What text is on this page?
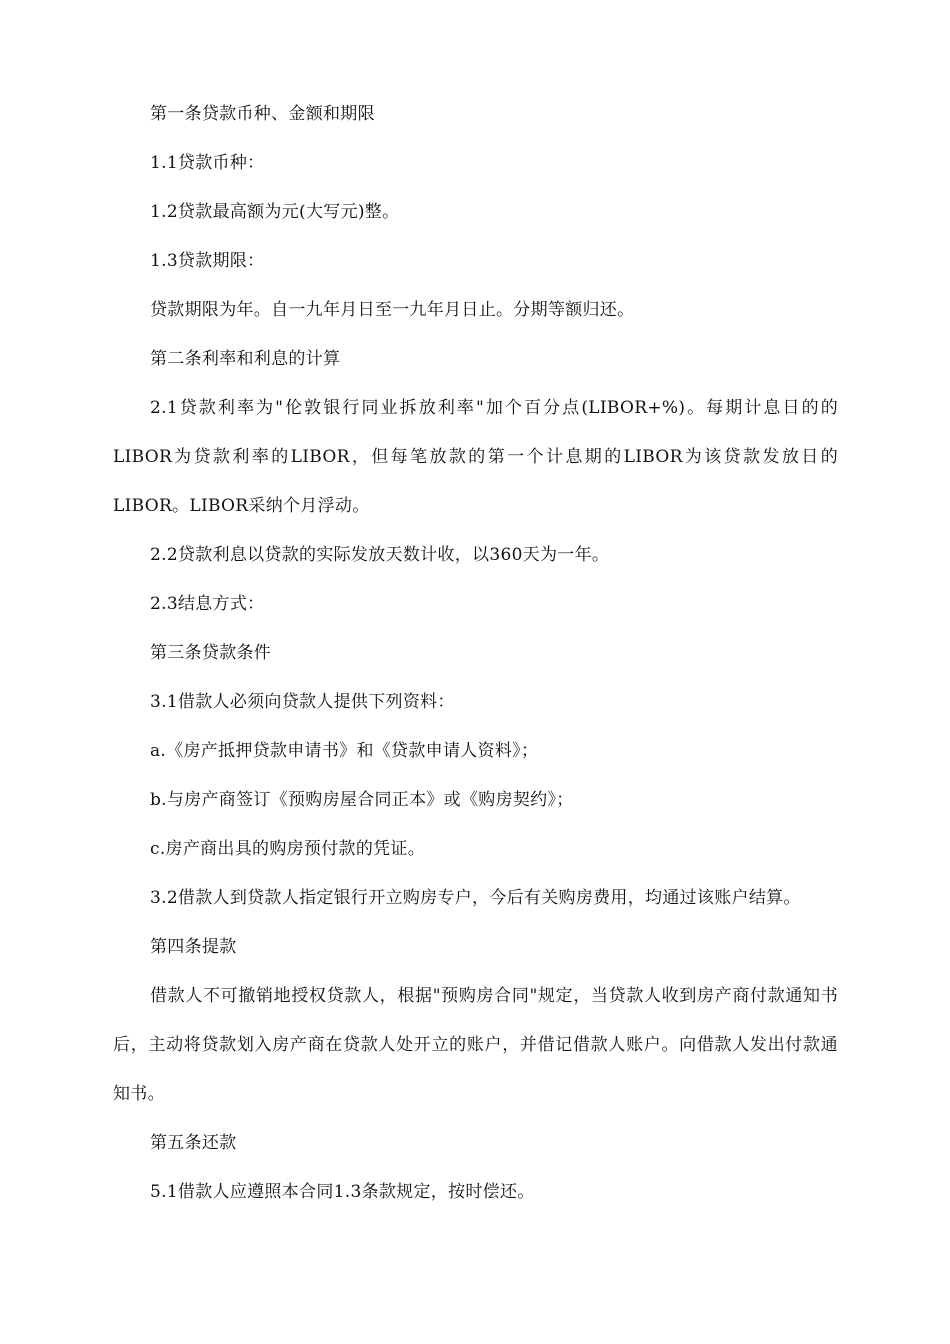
第一条贷款币种、金额和期限

1.1贷款币种：

1.2贷款最高额为元(大写元)整。

1.3贷款期限：

贷款期限为年。自一九年月日至一九年月日止。分期等额归还。

第二条利率和利息的计算

2.1贷款利率为"伦敦银行同业拆放利率"加个百分点(LIBOR+%)。每期计息日的的LIBOR为贷款利率的LIBOR，但每笔放款的第一个计息期的LIBOR为该贷款发放日的LIBOR。LIBOR采纳个月浮动。

2.2贷款利息以贷款的实际发放天数计收，以360天为一年。

2.3结息方式：

第三条贷款条件

3.1借款人必须向贷款人提供下列资料：

a.《房产抵押贷款申请书》和《贷款申请人资料》；

b.与房产商签订《预购房屋合同正本》或《购房契约》；

c.房产商出具的购房预付款的凭证。

3.2借款人到贷款人指定银行开立购房专户，今后有关购房费用，均通过该账户结算。

第四条提款

借款人不可撤销地授权贷款人，根据"预购房合同"规定，当贷款人收到房产商付款通知书后，主动将贷款划入房产商在贷款人处开立的账户，并借记借款人账户。向借款人发出付款通知书。

第五条还款

5.1借款人应遵照本合同1.3条款规定，按时偿还。
